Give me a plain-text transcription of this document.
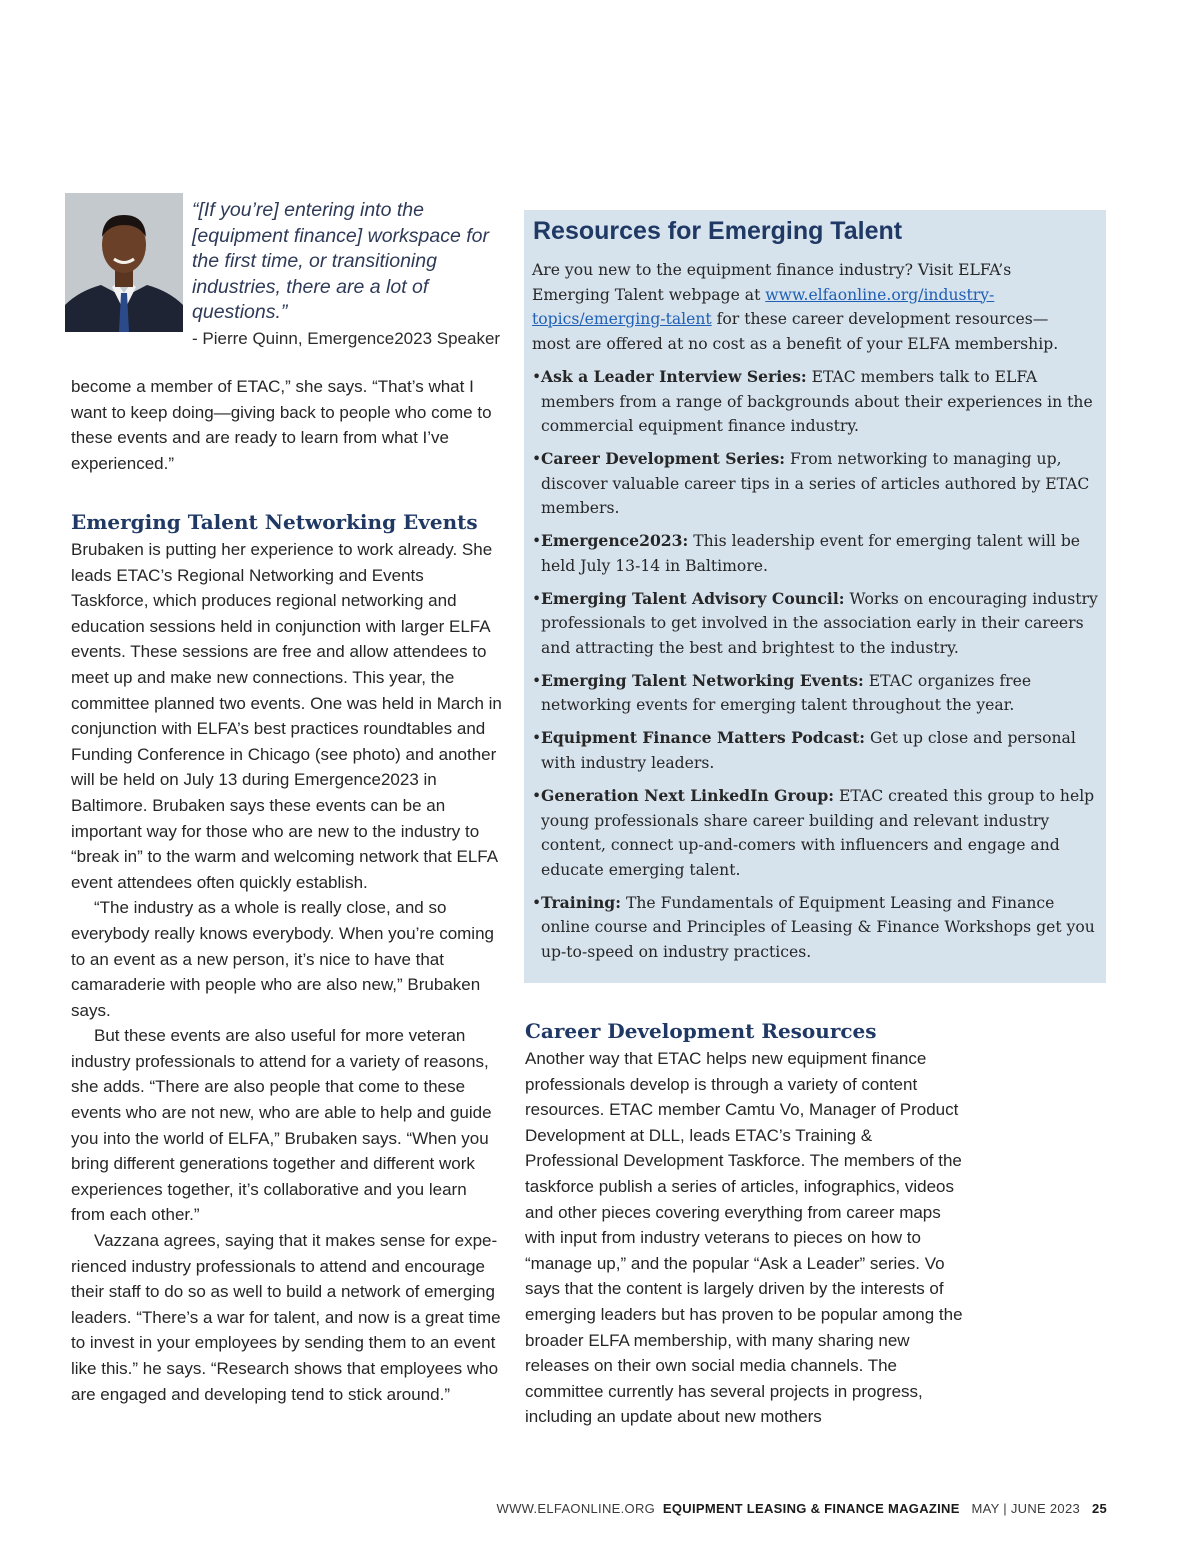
“[If you’re] entering into the [equipment finance] workspace for the first time, or transitioning industries, there are a lot of questions.”
- Pierre Quinn, Emergence2023 Speaker

become a member of ETAC,” she says. “That’s what I want to keep doing—giving back to people who come to these events and are ready to learn from what I’ve experienced.”

Emerging Talent Networking Events

Brubaken is putting her experience to work already. She leads ETAC’s Regional Networking and Events Taskforce, which produces regional networking and education sessions held in conjunction with larger ELFA events. These sessions are free and allow attendees to meet up and make new connections. This year, the committee planned two events. One was held in March in conjunction with ELFA’s best practices roundtables and Funding Conference in Chicago (see photo) and another will be held on July 13 during Emergence2023 in Baltimore. Brubaken says these events can be an important way for those who are new to the industry to “break in” to the warm and welcoming network that ELFA event attendees often quickly establish.

“The industry as a whole is really close, and so everybody really knows everybody. When you’re coming to an event as a new person, it’s nice to have that camaraderie with people who are also new,” Brubaken says.

But these events are also useful for more veteran industry professionals to attend for a variety of reasons, she adds. “There are also people that come to these events who are not new, who are able to help and guide you into the world of ELFA,” Brubaken says. “When you bring different generations together and different work experiences together, it’s collaborative and you learn from each other.”

Vazzana agrees, saying that it makes sense for experienced industry professionals to attend and encourage their staff to do so as well to build a network of emerging leaders. “There’s a war for talent, and now is a great time to invest in your employees by sending them to an event like this.” he says. “Research shows that employees who are engaged and developing tend to stick around.”

Resources for Emerging Talent
Are you new to the equipment finance industry? Visit ELFA’s Emerging Talent webpage at www.elfaonline.org/industry-topics/emerging-talent for these career development resources—most are offered at no cost as a benefit of your ELFA membership.
• Ask a Leader Interview Series: ETAC members talk to ELFA members from a range of backgrounds about their experiences in the commercial equipment finance industry.
• Career Development Series: From networking to managing up, discover valuable career tips in a series of articles authored by ETAC members.
• Emergence2023: This leadership event for emerging talent will be held July 13-14 in Baltimore.
• Emerging Talent Advisory Council: Works on encouraging industry professionals to get involved in the association early in their careers and attracting the best and brightest to the industry.
• Emerging Talent Networking Events: ETAC organizes free networking events for emerging talent throughout the year.
• Equipment Finance Matters Podcast: Get up close and personal with industry leaders.
• Generation Next LinkedIn Group: ETAC created this group to help young professionals share career building and relevant industry content, connect up-and-comers with influencers and engage and educate emerging talent.
• Training: The Fundamentals of Equipment Leasing and Finance online course and Principles of Leasing & Finance Workshops get you up-to-speed on industry practices.
Career Development Resources

Another way that ETAC helps new equipment finance professionals develop is through a variety of content resources. ETAC member Camtu Vo, Manager of Product Development at DLL, leads ETAC’s Training & Professional Development Taskforce. The members of the taskforce publish a series of articles, infographics, videos and other pieces covering everything from career maps with input from industry veterans to pieces on how to “manage up,” and the popular “Ask a Leader” series. Vo says that the content is largely driven by the interests of emerging leaders but has proven to be popular among the broader ELFA membership, with many sharing new releases on their own social media channels. The committee currently has several projects in progress, including an update about new mothers

WWW.ELFAONLINE.ORG EQUIPMENT LEASING & FINANCE MAGAZINE MAY | JUNE 2023 25
